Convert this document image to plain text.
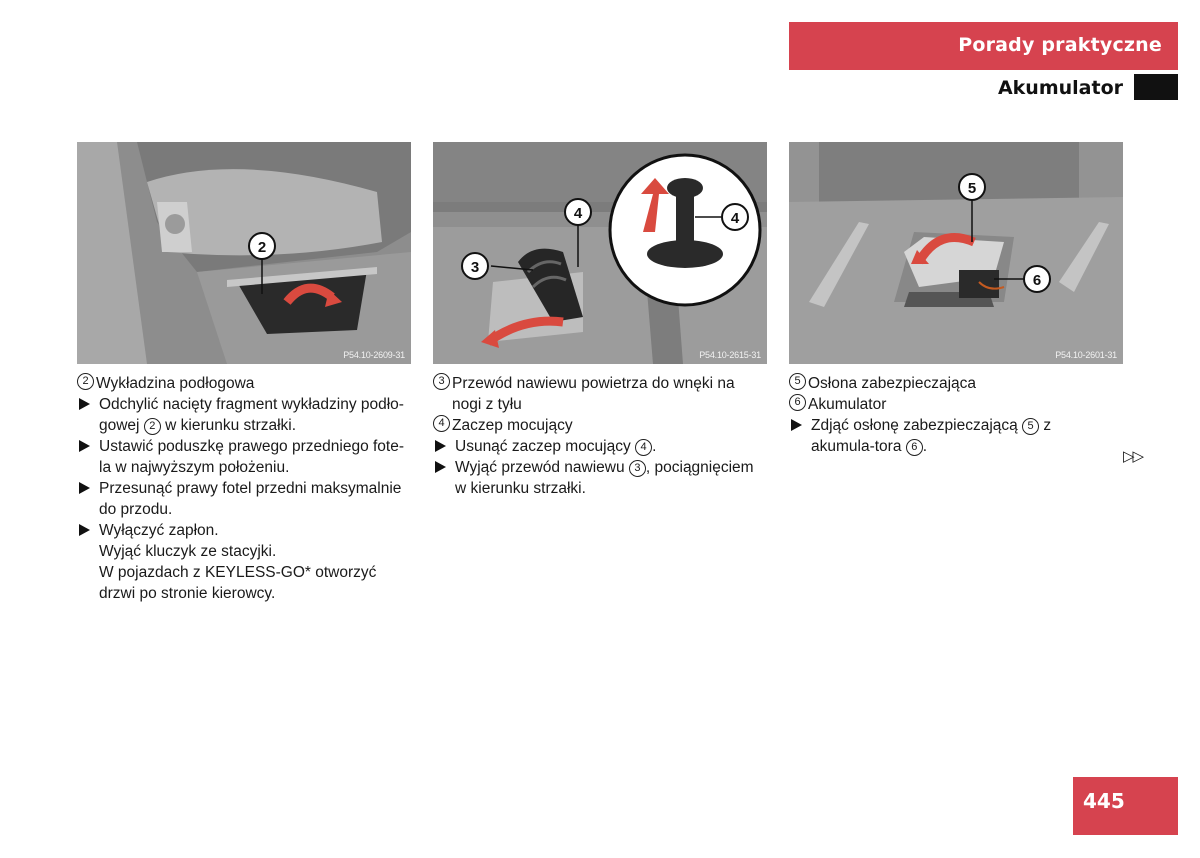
Porady praktyczne
Akumulator
2
P54.10-2609-31
4
3
4
P54.10-2615-31
5
6
P54.10-2601-31

2 Wykładzina podłogowa

Odchylić nacięty fragment wykładziny podło-gowej 2 w kierunku strzałki.

Ustawić poduszkę prawego przedniego fote-la w najwyższym położeniu.

Przesunąć prawy fotel przedni maksymalnie do przodu.

Wyłączyć zapłon.

Wyjąć kluczyk ze stacyjki.

W pojazdach z KEYLESS-GO* otworzyć drzwi po stronie kierowcy.

3 Przewód nawiewu powietrza do wnęki na nogi z tyłu

4 Zaczep mocujący

Usunąć zaczep mocujący 4 .

Wyjąć przewód nawiewu 3 , pociągnięciem w kierunku strzałki.

5 Osłona zabezpieczająca

6 Akumulator

Zdjąć osłonę zabezpieczającą 5 z akumula-tora 6 .

▷▷
445
